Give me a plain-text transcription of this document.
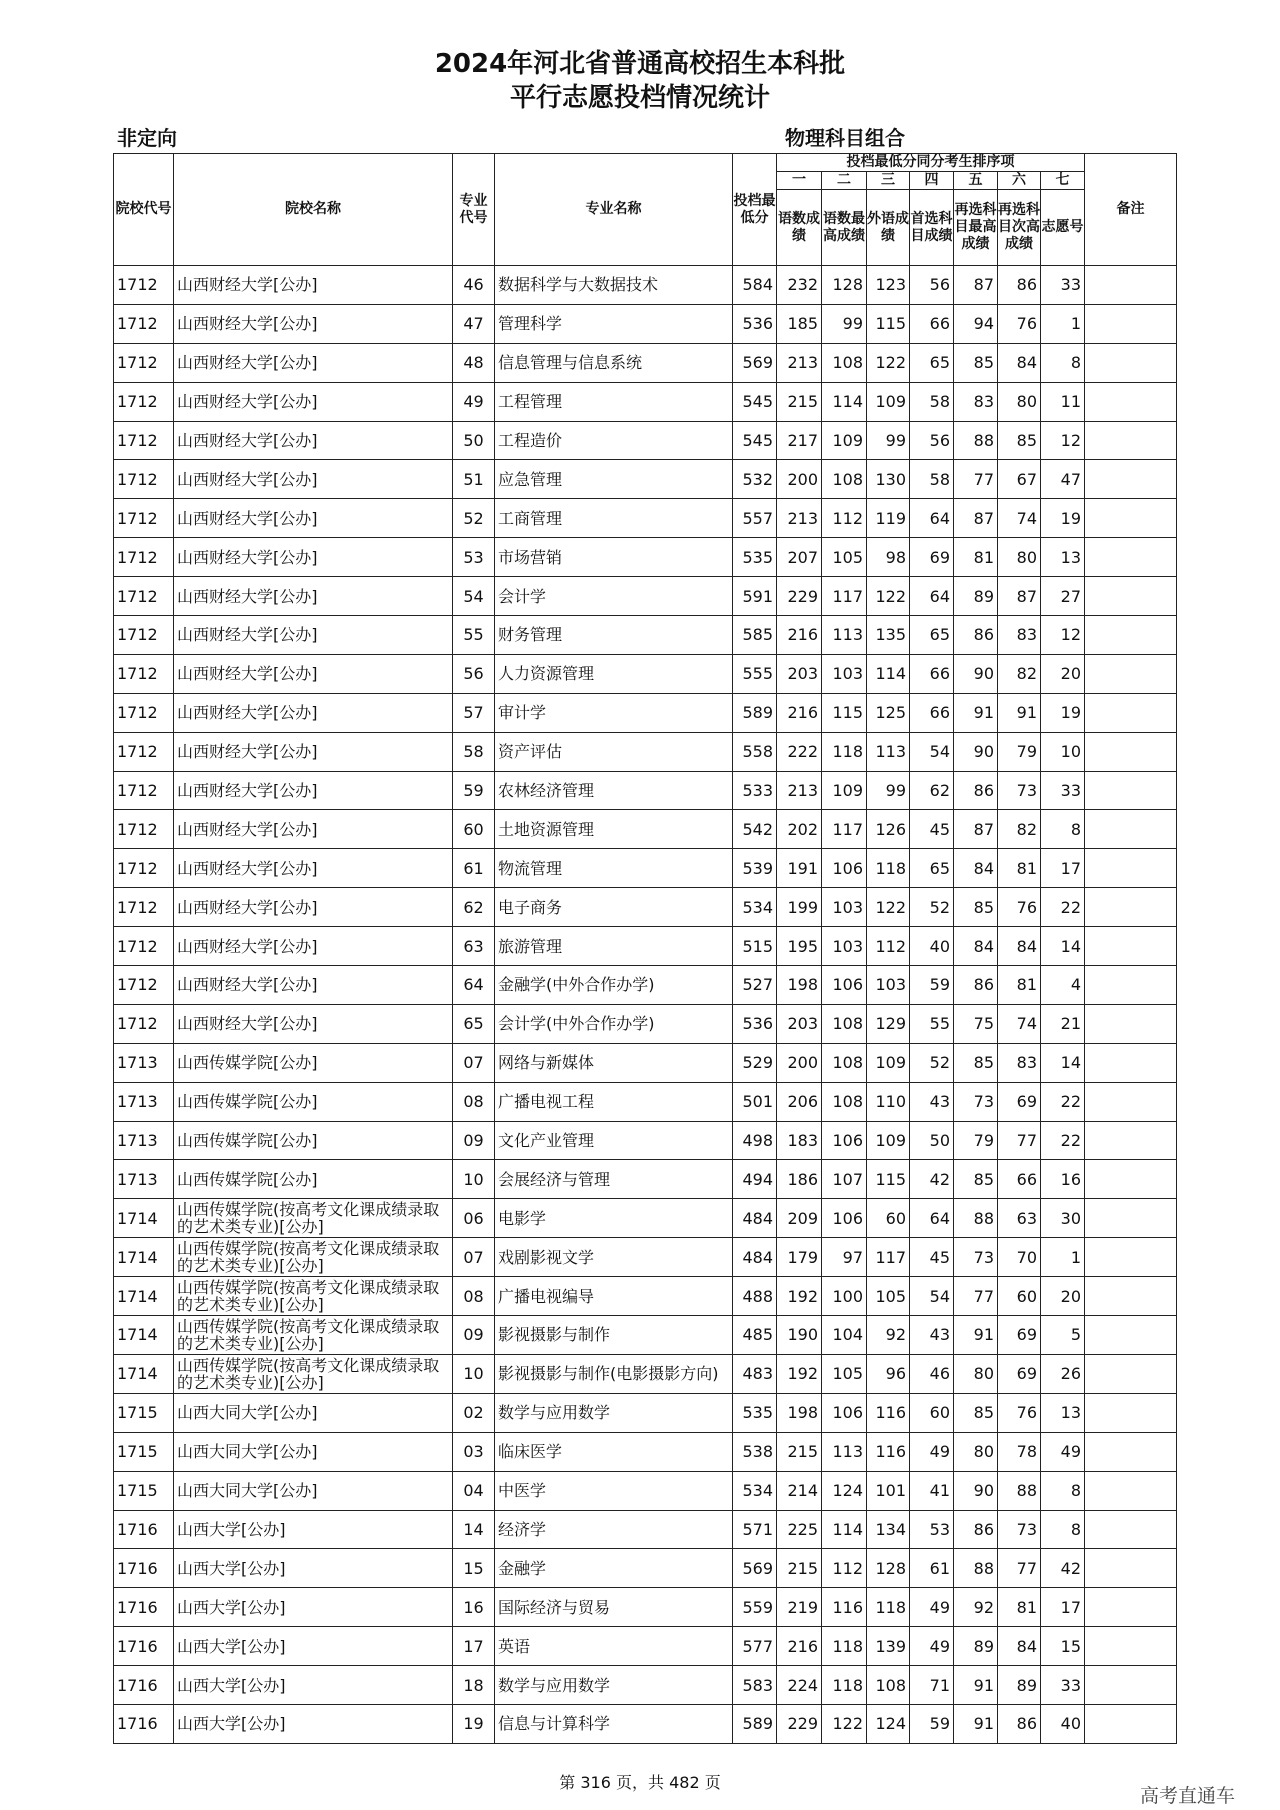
2024年河北省普通高校招生本科批
平行志愿投档情况统计
非定向	物理科目组合
院校代号	院校名称	专业代号	专业名称	投档最低分	投档最低分同分考生排序项							备注
					一	二	三	四	五	六	七	
					语数成绩	语数最高成绩	外语成绩	首选科目成绩	再选科目最高成绩	再选科目次高成绩	志愿号	
1712	山西财经大学[公办]	46	数据科学与大数据技术	584	232	128	123	56	87	86	33	
1712	山西财经大学[公办]	47	管理科学	536	185	99	115	66	94	76	1	
1712	山西财经大学[公办]	48	信息管理与信息系统	569	213	108	122	65	85	84	8	
1712	山西财经大学[公办]	49	工程管理	545	215	114	109	58	83	80	11	
1712	山西财经大学[公办]	50	工程造价	545	217	109	99	56	88	85	12	
1712	山西财经大学[公办]	51	应急管理	532	200	108	130	58	77	67	47	
1712	山西财经大学[公办]	52	工商管理	557	213	112	119	64	87	74	19	
1712	山西财经大学[公办]	53	市场营销	535	207	105	98	69	81	80	13	
1712	山西财经大学[公办]	54	会计学	591	229	117	122	64	89	87	27	
1712	山西财经大学[公办]	55	财务管理	585	216	113	135	65	86	83	12	
1712	山西财经大学[公办]	56	人力资源管理	555	203	103	114	66	90	82	20	
1712	山西财经大学[公办]	57	审计学	589	216	115	125	66	91	91	19	
1712	山西财经大学[公办]	58	资产评估	558	222	118	113	54	90	79	10	
1712	山西财经大学[公办]	59	农林经济管理	533	213	109	99	62	86	73	33	
1712	山西财经大学[公办]	60	土地资源管理	542	202	117	126	45	87	82	8	
1712	山西财经大学[公办]	61	物流管理	539	191	106	118	65	84	81	17	
1712	山西财经大学[公办]	62	电子商务	534	199	103	122	52	85	76	22	
1712	山西财经大学[公办]	63	旅游管理	515	195	103	112	40	84	84	14	
1712	山西财经大学[公办]	64	金融学(中外合作办学)	527	198	106	103	59	86	81	4	
1712	山西财经大学[公办]	65	会计学(中外合作办学)	536	203	108	129	55	75	74	21	
1713	山西传媒学院[公办]	07	网络与新媒体	529	200	108	109	52	85	83	14	
1713	山西传媒学院[公办]	08	广播电视工程	501	206	108	110	43	73	69	22	
1713	山西传媒学院[公办]	09	文化产业管理	498	183	106	109	50	79	77	22	
1713	山西传媒学院[公办]	10	会展经济与管理	494	186	107	115	42	85	66	16	
1714	山西传媒学院(按高考文化课成绩录取的艺术类专业)[公办]	06	电影学	484	209	106	60	64	88	63	30	
1714	山西传媒学院(按高考文化课成绩录取的艺术类专业)[公办]	07	戏剧影视文学	484	179	97	117	45	73	70	1	
1714	山西传媒学院(按高考文化课成绩录取的艺术类专业)[公办]	08	广播电视编导	488	192	100	105	54	77	60	20	
1714	山西传媒学院(按高考文化课成绩录取的艺术类专业)[公办]	09	影视摄影与制作	485	190	104	92	43	91	69	5	
1714	山西传媒学院(按高考文化课成绩录取的艺术类专业)[公办]	10	影视摄影与制作(电影摄影方向)	483	192	105	96	46	80	69	26	
1715	山西大同大学[公办]	02	数学与应用数学	535	198	106	116	60	85	76	13	
1715	山西大同大学[公办]	03	临床医学	538	215	113	116	49	80	78	49	
1715	山西大同大学[公办]	04	中医学	534	214	124	101	41	90	88	8	
1716	山西大学[公办]	14	经济学	571	225	114	134	53	86	73	8	
1716	山西大学[公办]	15	金融学	569	215	112	128	61	88	77	42	
1716	山西大学[公办]	16	国际经济与贸易	559	219	116	118	49	92	81	17	
1716	山西大学[公办]	17	英语	577	216	118	139	49	89	84	15	
1716	山西大学[公办]	18	数学与应用数学	583	224	118	108	71	91	89	33	
1716	山西大学[公办]	19	信息与计算科学	589	229	122	124	59	91	86	40	
第 316 页，共 482 页
高考直通车
